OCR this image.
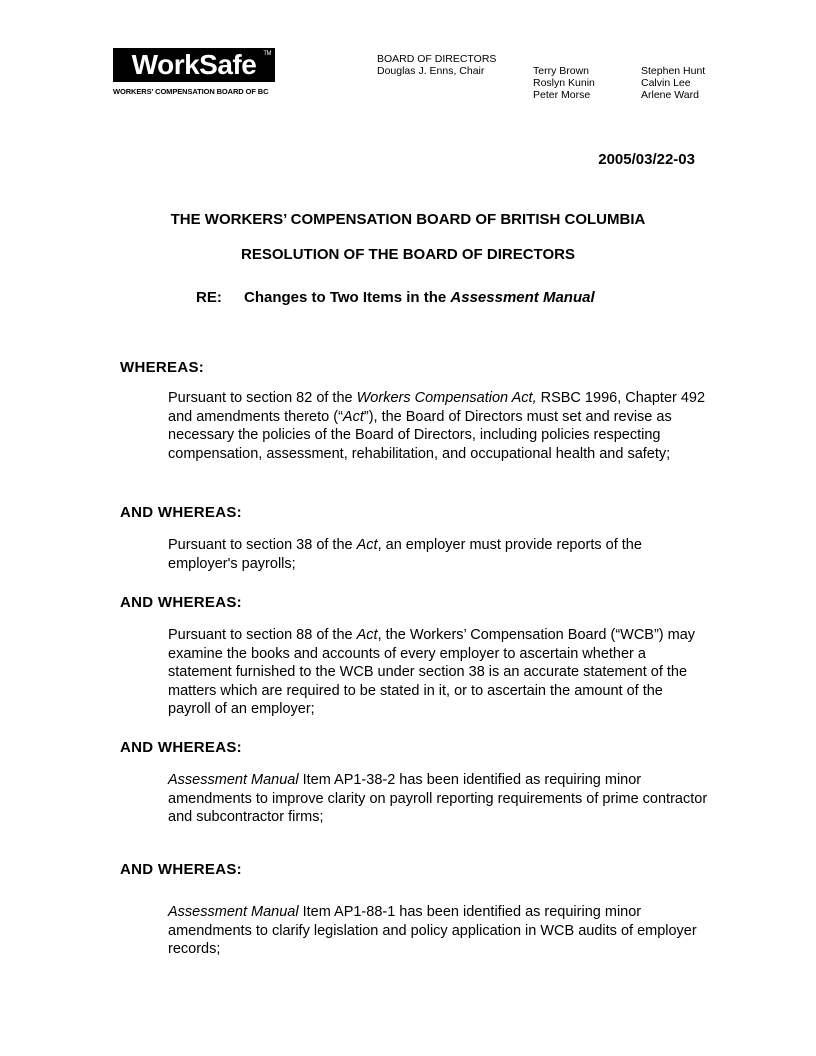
WorkSafe TM
WORKERS' COMPENSATION BOARD OF BC
BOARD OF DIRECTORS
Douglas J. Enns, Chair	Terry Brown
Roslyn Kunin
Peter Morse
Stephen Hunt
Calvin Lee
Arlene Ward
2005/03/22-03
THE WORKERS’ COMPENSATION BOARD OF BRITISH COLUMBIA
RESOLUTION OF THE BOARD OF DIRECTORS
RE: Changes to Two Items in the Assessment Manual
WHEREAS:
Pursuant to section 82 of the Workers Compensation Act, RSBC 1996, Chapter 492 and amendments thereto (“Act”), the Board of Directors must set and revise as necessary the policies of the Board of Directors, including policies respecting compensation, assessment, rehabilitation, and occupational health and safety;
AND WHEREAS:
Pursuant to section 38 of the Act, an employer must provide reports of the employer's payrolls;
AND WHEREAS:
Pursuant to section 88 of the Act, the Workers’ Compensation Board (“WCB”) may examine the books and accounts of every employer to ascertain whether a statement furnished to the WCB under section 38 is an accurate statement of the matters which are required to be stated in it, or to ascertain the amount of the payroll of an employer;
AND WHEREAS:
Assessment Manual Item AP1-38-2 has been identified as requiring minor amendments to improve clarity on payroll reporting requirements of prime contractor and subcontractor firms;
AND WHEREAS:
Assessment Manual Item AP1-88-1 has been identified as requiring minor amendments to clarify legislation and policy application in WCB audits of employer records;
